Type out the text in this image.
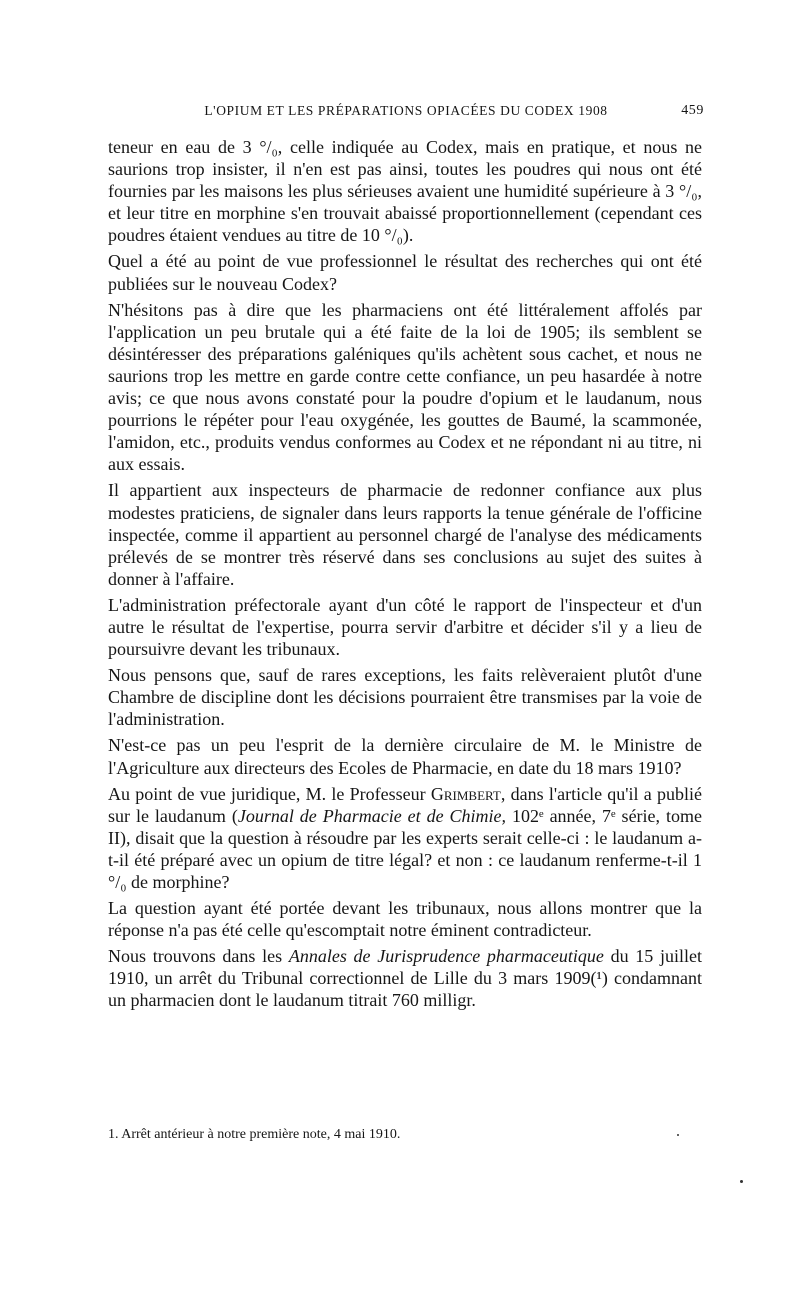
L'OPIUM ET LES PRÉPARATIONS OPIACÉES DU CODEX 1908	459

teneur en eau de 3 °/₀, celle indiquée au Codex, mais en pratique, et nous ne saurions trop insister, il n'en est pas ainsi, toutes les poudres qui nous ont été fournies par les maisons les plus sérieuses avaient une humidité supérieure à 3 °/₀, et leur titre en morphine s'en trouvait abaissé proportionnellement (cependant ces poudres étaient vendues au titre de 10 °/₀).

Quel a été au point de vue professionnel le résultat des recherches qui ont été publiées sur le nouveau Codex?

N'hésitons pas à dire que les pharmaciens ont été littéralement affolés par l'application un peu brutale qui a été faite de la loi de 1905; ils semblent se désintéresser des préparations galéniques qu'ils achètent sous cachet, et nous ne saurions trop les mettre en garde contre cette confiance, un peu hasardée à notre avis; ce que nous avons constaté pour la poudre d'opium et le laudanum, nous pourrions le répéter pour l'eau oxygénée, les gouttes de Baumé, la scammonée, l'amidon, etc., produits vendus conformes au Codex et ne répondant ni au titre, ni aux essais.

Il appartient aux inspecteurs de pharmacie de redonner confiance aux plus modestes praticiens, de signaler dans leurs rapports la tenue générale de l'officine inspectée, comme il appartient au personnel chargé de l'analyse des médicaments prélevés de se montrer très réservé dans ses conclusions au sujet des suites à donner à l'affaire.

L'administration préfectorale ayant d'un côté le rapport de l'inspecteur et d'un autre le résultat de l'expertise, pourra servir d'arbitre et décider s'il y a lieu de poursuivre devant les tribunaux.

Nous pensons que, sauf de rares exceptions, les faits relèveraient plutôt d'une Chambre de discipline dont les décisions pourraient être transmises par la voie de l'administration.

N'est-ce pas un peu l'esprit de la dernière circulaire de M. le Ministre de l'Agriculture aux directeurs des Ecoles de Pharmacie, en date du 18 mars 1910?

Au point de vue juridique, M. le Professeur Grimbert, dans l'article qu'il a publié sur le laudanum (Journal de Pharmacie et de Chimie, 102ᵉ année, 7ᵉ série, tome II), disait que la question à résoudre par les experts serait celle-ci : le laudanum a-t-il été préparé avec un opium de titre légal? et non : ce laudanum renferme-t-il 1 °/₀ de morphine?

La question ayant été portée devant les tribunaux, nous allons montrer que la réponse n'a pas été celle qu'escomptait notre éminent contradicteur.

Nous trouvons dans les Annales de Jurisprudence pharmaceutique du 15 juillet 1910, un arrêt du Tribunal correctionnel de Lille du 3 mars 1909(¹) condamnant un pharmacien dont le laudanum titrait 760 milligr.

1. Arrêt antérieur à notre première note, 4 mai 1910.
